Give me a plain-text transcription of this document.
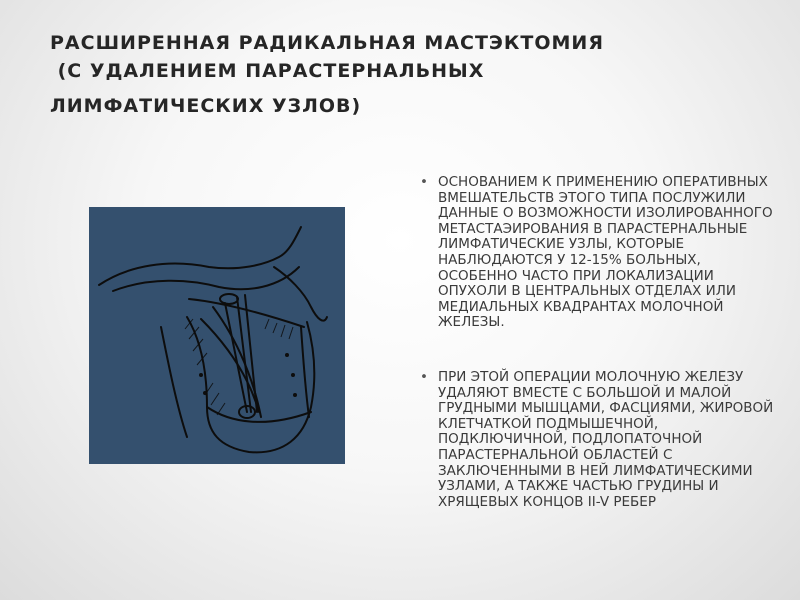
РАСШИРЕННАЯ РАДИКАЛЬНАЯ МАСТЭКТОМИЯ
(С УДАЛЕНИЕМ ПАРАСТЕРНАЛЬНЫХ
ЛИМФАТИЧЕСКИХ УЗЛОВ)
• ОСНОВАНИЕМ К ПРИМЕНЕНИЮ ОПЕРАТИВНЫХ ВМЕШАТЕЛЬСТВ ЭТОГО ТИПА ПОСЛУЖИЛИ ДАННЫЕ О ВОЗМОЖНОСТИ ИЗОЛИРОВАННОГО МЕТАСТАЭИРОВАНИЯ В ПАРАСТЕРНАЛЬНЫЕ ЛИМФАТИЧЕСКИЕ УЗЛЫ, КОТОРЫЕ НАБЛЮДАЮТСЯ У 12-15% БОЛЬНЫХ, ОСОБЕННО ЧАСТО ПРИ ЛОКАЛИЗАЦИИ ОПУХОЛИ В ЦЕНТРАЛЬНЫХ ОТДЕЛАХ ИЛИ МЕДИАЛЬНЫХ КВАДРАНТАХ МОЛОЧНОЙ ЖЕЛЕЗЫ.
• ПРИ ЭТОЙ ОПЕРАЦИИ МОЛОЧНУЮ ЖЕЛЕЗУ УДАЛЯЮТ ВМЕСТЕ С БОЛЬШОЙ И МАЛОЙ ГРУДНЫМИ МЫШЦАМИ, ФАСЦИЯМИ, ЖИРОВОЙ КЛЕТЧАТКОЙ ПОДМЫШЕЧНОЙ, ПОДКЛЮЧИЧНОЙ, ПОДЛОПАТОЧНОЙ ПАРАСТЕРНАЛЬНОЙ ОБЛАСТЕЙ С ЗАКЛЮЧЕННЫМИ В НЕЙ ЛИМФАТИЧЕСКИМИ УЗЛАМИ, А ТАКЖЕ ЧАСТЬЮ ГРУДИНЫ И ХРЯЩЕВЫХ КОНЦОВ II-V РЕБЕР
